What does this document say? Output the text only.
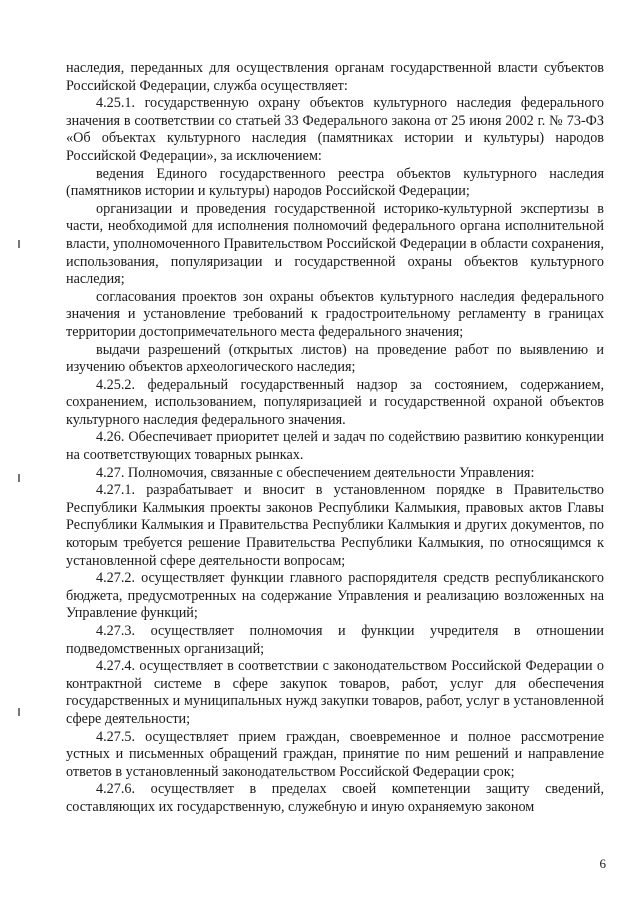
наследия, переданных для осуществления органам государственной власти субъектов Российской Федерации, служба осуществляет:

4.25.1. государственную охрану объектов культурного наследия федерального значения в соответствии со статьей 33 Федерального закона от 25 июня 2002 г. № 73-ФЗ «Об объектах культурного наследия (памятниках истории и культуры) народов Российской Федерации», за исключением:

ведения Единого государственного реестра объектов культурного наследия (памятников истории и культуры) народов Российской Федерации;

организации и проведения государственной историко-культурной экспертизы в части, необходимой для исполнения полномочий федерального органа исполнительной власти, уполномоченного Правительством Российской Федерации в области сохранения, использования, популяризации и государственной охраны объектов культурного наследия;

согласования проектов зон охраны объектов культурного наследия федерального значения и установление требований к градостроительному регламенту в границах территории достопримечательного места федерального значения;

выдачи разрешений (открытых листов) на проведение работ по выявлению и изучению объектов археологического наследия;

4.25.2. федеральный государственный надзор за состоянием, содержанием, сохранением, использованием, популяризацией и государственной охраной объектов культурного наследия федерального значения.

4.26. Обеспечивает приоритет целей и задач по содействию развитию конкуренции на соответствующих товарных рынках.

4.27. Полномочия, связанные с обеспечением деятельности Управления:

4.27.1. разрабатывает и вносит в установленном порядке в Правительство Республики Калмыкия проекты законов Республики Калмыкия, правовых актов Главы Республики Калмыкия и Правительства Республики Калмыкия и других документов, по которым требуется решение Правительства Республики Калмыкия, по относящимся к установленной сфере деятельности вопросам;

4.27.2. осуществляет функции главного распорядителя средств республиканского бюджета, предусмотренных на содержание Управления и реализацию возложенных на Управление функций;

4.27.3. осуществляет полномочия и функции учредителя в отношении подведомственных организаций;

4.27.4. осуществляет в соответствии с законодательством Российской Федерации о контрактной системе в сфере закупок товаров, работ, услуг для обеспечения государственных и муниципальных нужд закупки товаров, работ, услуг в установленной сфере деятельности;

4.27.5. осуществляет прием граждан, своевременное и полное рассмотрение устных и письменных обращений граждан, принятие по ним решений и направление ответов в установленный законодательством Российской Федерации срок;

4.27.6. осуществляет в пределах своей компетенции защиту сведений, составляющих их государственную, служебную и иную охраняемую законом

6
